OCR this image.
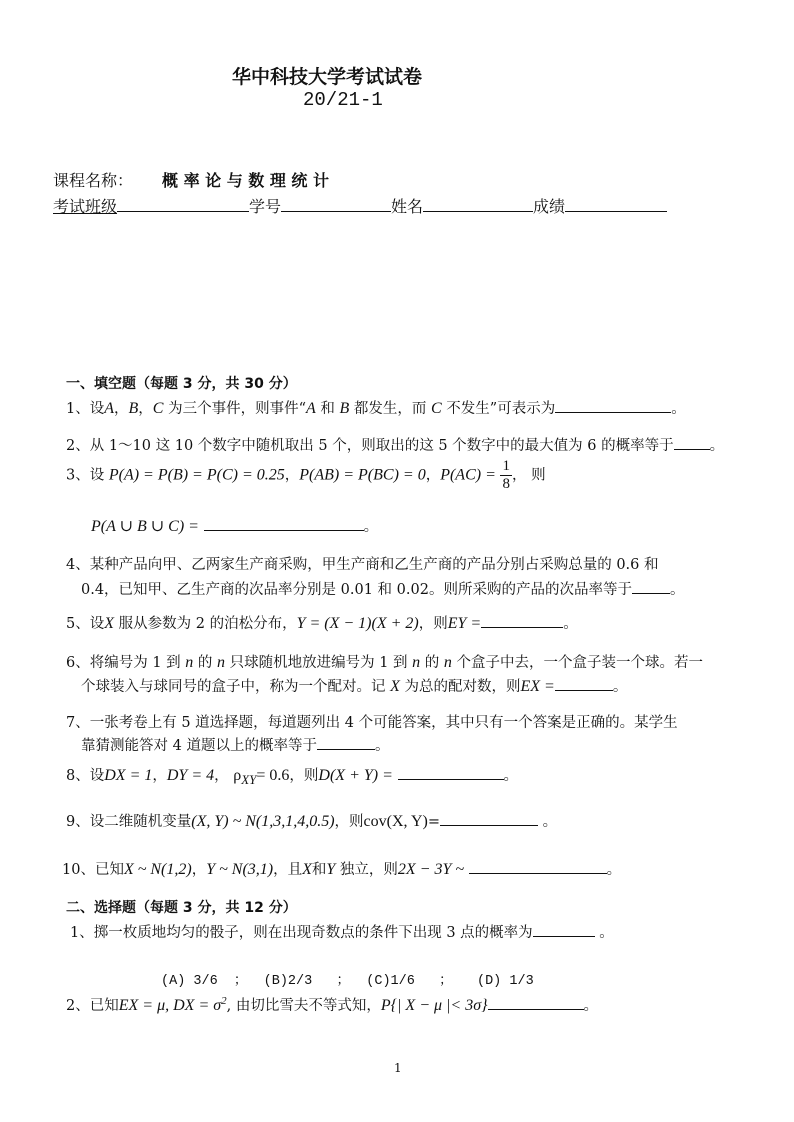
华中科技大学考试试卷
20/21-1
课程名称： 概 率 论 与 数 理 统 计
考试班级	学号	姓名	成绩
一、填空题（每题 3 分，共 30 分）
1、设A，B，C 为三个事件，则事件“A 和 B 都发生，而 C 不发生”可表示为	。
2、从 1～10 这 10 个数字中随机取出 5 个，则取出的这 5 个数字中的最大值为 6 的概率等于 。
3、设 P(A) = P(B) = P(C) = 0.25，P(AB) = P(BC) = 0，$P(AC) = \frac{1}{8}$ ， 则
P(A ∪ B ∪ C) =	。
4、某种产品向甲、乙两家生产商采购，甲生产商和乙生产商的产品分别占采购总量的 0.6 和
0.4，已知甲、乙生产商的次品率分别是 0.01 和 0.02。则所采购的产品的次品率等于	。
5、设X 服从参数为 2 的泊松分布，Y = (X − 1)(X + 2)，则EY =	。
6、将编号为 1 到 n 的 n 只球随机地放进编号为 1 到 n 的 n 个盒子中去，一个盒子装一个球。若一
个球装入与球同号的盒子中，称为一个配对。记 X 为总的配对数，则EX =	。
7、一张考卷上有 5 道选择题，每道题列出 4 个可能答案，其中只有一个答案是正确的。某学生
靠猜测能答对 4 道题以上的概率等于	。
8、设DX = 1，DY = 4， $\rho_{XY}= 0.6$，则D(X + Y) =	。
9、设二维随机变量(X, Y) ~ N(1,3,1,4,0.5)，则cov(X, Y)=	。
10、已知X ~ N(1,2)，Y ~ N(3,1)，且X和Y 独立，则2X − 3Y ~	。
二、选择题（每题 3 分，共 12 分）
1、掷一枚质地均匀的骰子，则在出现奇数点的条件下出现 3 点的概率为	。
(A) 3/6 ； (B)2/3 ； (C)1/6 ； (D) 1/3
2、已知EX = μ, DX = $\sigma^2$, 由切比雪夫不等式知，P{| X − μ |< 3σ}	。
1
